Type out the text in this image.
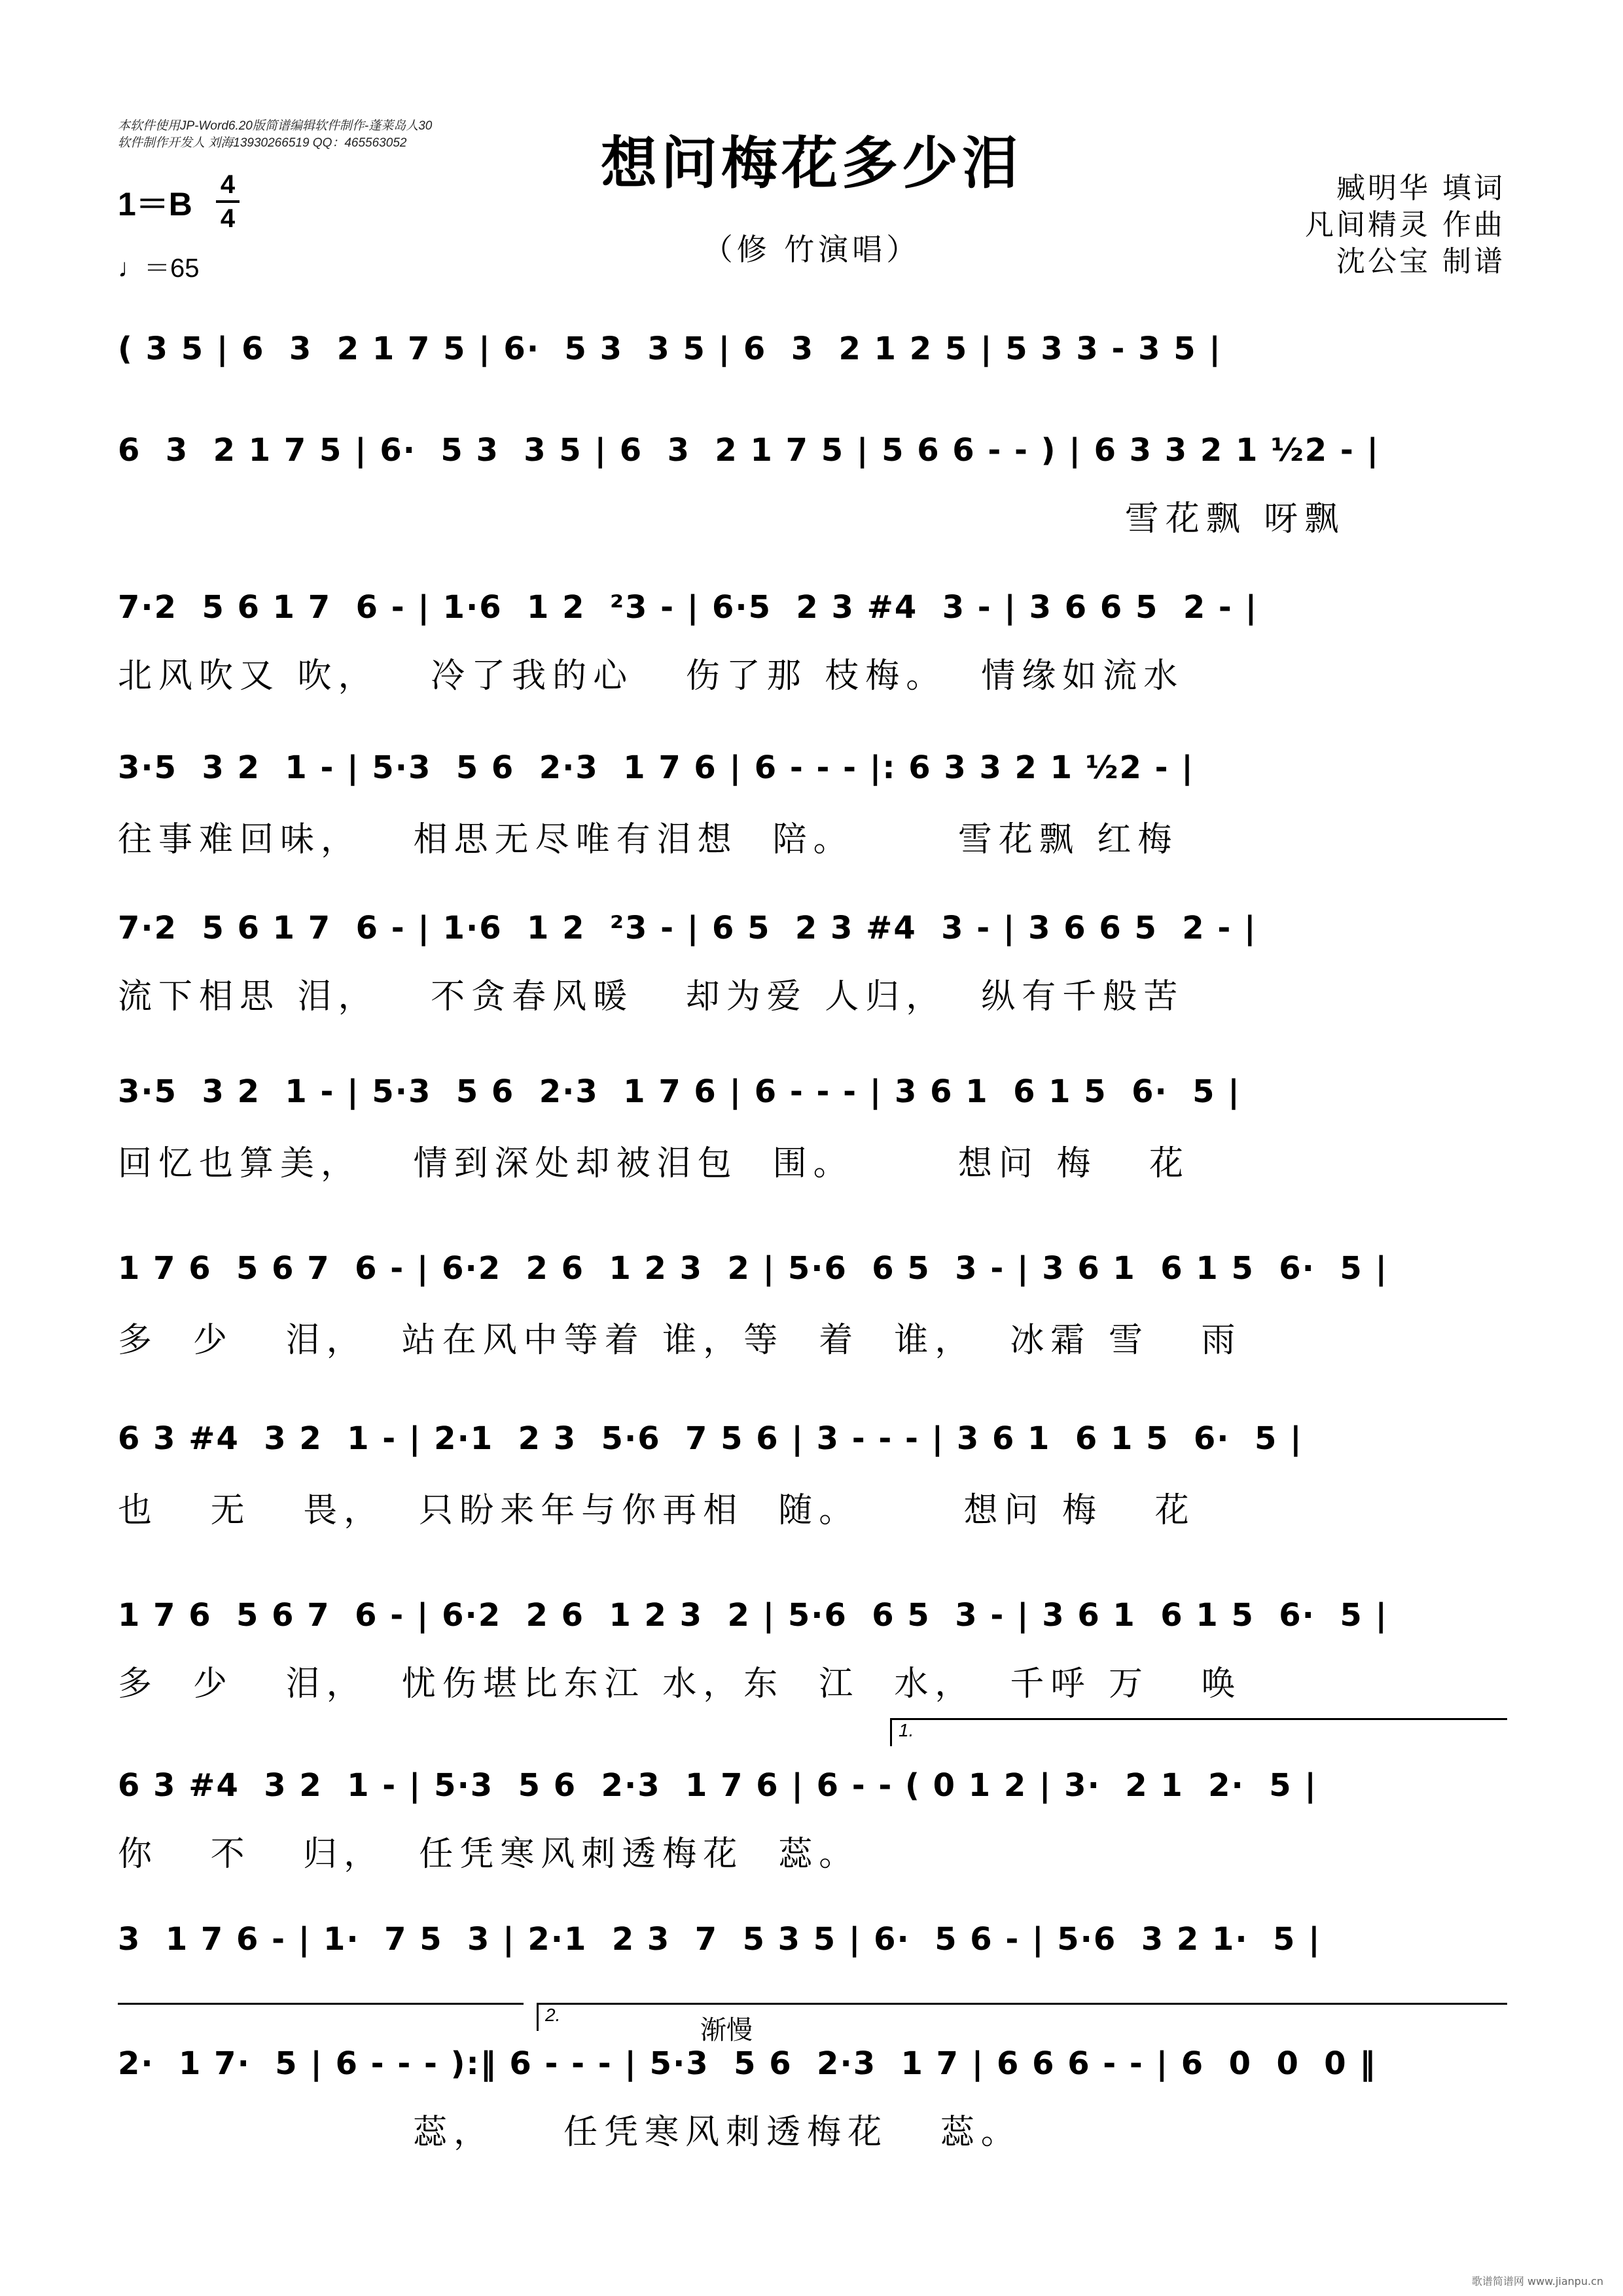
本软件使用JP-Word6.20版简谱编辑软件制作-蓬莱岛人30
软件制作开发人 刘海13930266519 QQ：465563052	想问梅花多少泪
（修 竹演唱）
1＝B
4
4
♩＝65
臧明华 填词
凡间精灵 作曲
沈公宝 制谱
( 3 5 | 6  3  2 1 7 5 | 6·  5 3  3 5 | 6  3  2 1 2 5 | 5 3 3 - 3 5 |
6  3  2 1 7 5 | 6·  5 3  3 5 | 6  3  2 1 7 5 | 5 6 6 - - ) | 6 3 3 2 1 ½2 - |
雪花飘 呀飘
7·2  5 6 1 7  6 - | 1·6  1 2  ²3 - | 6·5  2 3 #4  3 - | 3 6 6 5  2 - |
北风吹又 吹，   冷了我的心   伤了那 枝梅。  情缘如流水
3·5  3 2  1 - | 5·3  5 6  2·3  1 7 6 | 6 - - - |: 6 3 3 2 1 ½2 - |
往事难回味，   相思无尽唯有泪想  陪。      雪花飘 红梅
7·2  5 6 1 7  6 - | 1·6  1 2  ²3 - | 6 5  2 3 #4  3 - | 3 6 6 5  2 - |
流下相思 泪，   不贪春风暖   却为爱 人归，  纵有千般苦
3·5  3 2  1 - | 5·3  5 6  2·3  1 7 6 | 6 - - - | 3 6 1  6 1 5  6·  5 |
回忆也算美，   情到深处却被泪包  围。      想问 梅   花
1 7 6  5 6 7  6 - | 6·2  2 6  1 2 3  2 | 5·6  6 5  3 - | 3 6 1  6 1 5  6·  5 |
多  少   泪，  站在风中等着 谁，等  着  谁，  冰霜 雪   雨
6 3 #4  3 2  1 - | 2·1  2 3  5·6  7 5 6 | 3 - - - | 3 6 1  6 1 5  6·  5 |
也   无   畏，  只盼来年与你再相  随。      想问 梅   花
1 7 6  5 6 7  6 - | 6·2  2 6  1 2 3  2 | 5·6  6 5  3 - | 3 6 1  6 1 5  6·  5 |
多  少   泪，  忧伤堪比东江 水，东  江  水，  千呼 万   唤
1.
6 3 #4  3 2  1 - | 5·3  5 6  2·3  1 7 6 | 6 - - ( 0 1 2 | 3·  2 1  2·  5 |
你   不   归，  任凭寒风刺透梅花  蕊。
3  1 7 6 - | 1·  7 5  3 | 2·1  2 3  7  5 3 5 | 6·  5 6 - | 5·6  3 2 1·  5 |
2.
渐慢
2·  1 7·  5 | 6 - - - ):‖ 6 - - - | 5·3  5 6  2·3  1 7 | 6 6 6 - - | 6  0  0  0 ‖
蕊，    任凭寒风刺透梅花   蕊。
歌谱简谱网 www.jianpu.cn
